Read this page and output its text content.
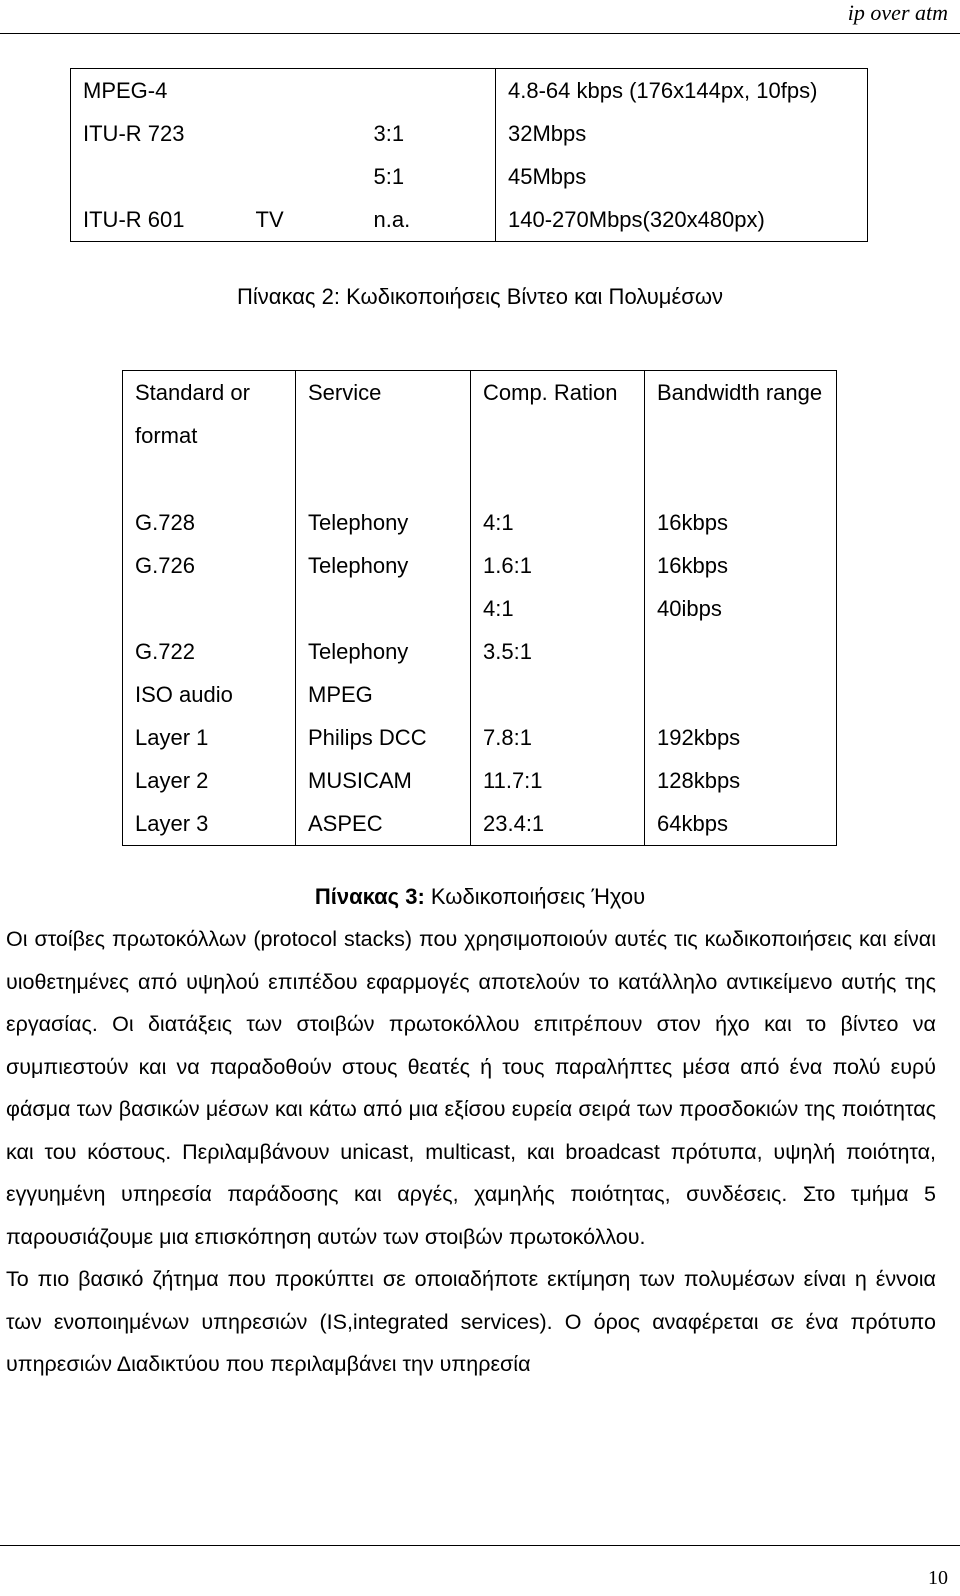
ip over atm
MPEG-4			4.8-64 kbps (176x144px, 10fps)
ITU-R 723		3:1	32Mbps
		5:1	45Mbps
ITU-R 601	TV	n.a.	140-270Mbps(320x480px)
Πίνακας 2: Κωδικοποιήσεις Βίντεο και Πολυμέσων
Standard or format	Service	Comp. Ration	Bandwidth range
G.728	Telephony	4:1	16kbps
G.726	Telephony	1.6:1	16kbps
		4:1	40ibps
G.722	Telephony	3.5:1	
ISO audio	MPEG		
Layer 1	Philips DCC	7.8:1	192kbps
Layer 2	MUSICAM	11.7:1	128kbps
Layer 3	ASPEC	23.4:1	64kbps
Πίνακας 3: Κωδικοποιήσεις Ήχου

Οι στοίβες πρωτοκόλλων (protocol stacks) που χρησιμοποιούν αυτές τις κωδικοποιήσεις και είναι υιοθετημένες από υψηλού επιπέδου εφαρμογές αποτελούν το κατάλληλο αντικείμενο αυτής της εργασίας. Οι διατάξεις των στοιβών πρωτοκόλλου επιτρέπουν στον ήχο και το βίντεο να συμπιεστούν και να παραδοθούν στους θεατές ή τους παραλήπτες μέσα από ένα πολύ ευρύ φάσμα των βασικών μέσων και κάτω από μια εξίσου ευρεία σειρά των προσδοκιών της ποιότητας και του κόστους. Περιλαμβάνουν unicast, multicast, και broadcast πρότυπα, υψηλή ποιότητα, εγγυημένη υπηρεσία παράδοσης και αργές, χαμηλής ποιότητας, συνδέσεις. Στο τμήμα 5 παρουσιάζουμε μια επισκόπηση αυτών των στοιβών πρωτοκόλλου.

Το πιο βασικό ζήτημα που προκύπτει σε οποιαδήποτε εκτίμηση των πολυμέσων είναι η έννοια των ενοποιημένων υπηρεσιών (IS,integrated services). Ο όρος αναφέρεται σε ένα πρότυπο υπηρεσιών Διαδικτύου που περιλαμβάνει την υπηρεσία

10
